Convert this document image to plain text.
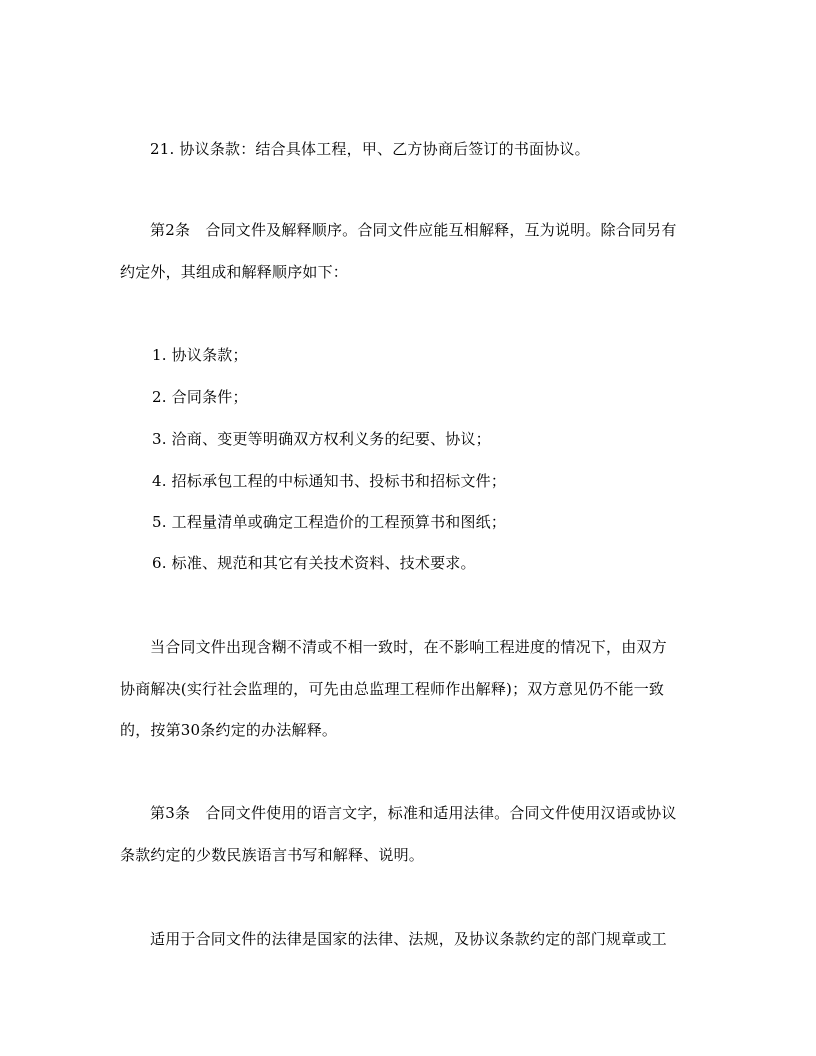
21. 协议条款：结合具体工程，甲、乙方协商后签订的书面协议。
第2条　合同文件及解释顺序。合同文件应能互相解释，互为说明。除合同另有
约定外，其组成和解释顺序如下：
1. 协议条款；
2. 合同条件；
3. 洽商、变更等明确双方权利义务的纪要、协议；
4. 招标承包工程的中标通知书、投标书和招标文件；
5. 工程量清单或确定工程造价的工程预算书和图纸；
6. 标准、规范和其它有关技术资料、技术要求。
当合同文件出现含糊不清或不相一致时，在不影响工程进度的情况下，由双方
协商解决(实行社会监理的，可先由总监理工程师作出解释)；双方意见仍不能一致
的，按第30条约定的办法解释。
第3条　合同文件使用的语言文字，标准和适用法律。合同文件使用汉语或协议
条款约定的少数民族语言书写和解释、说明。
适用于合同文件的法律是国家的法律、法规，及协议条款约定的部门规章或工
